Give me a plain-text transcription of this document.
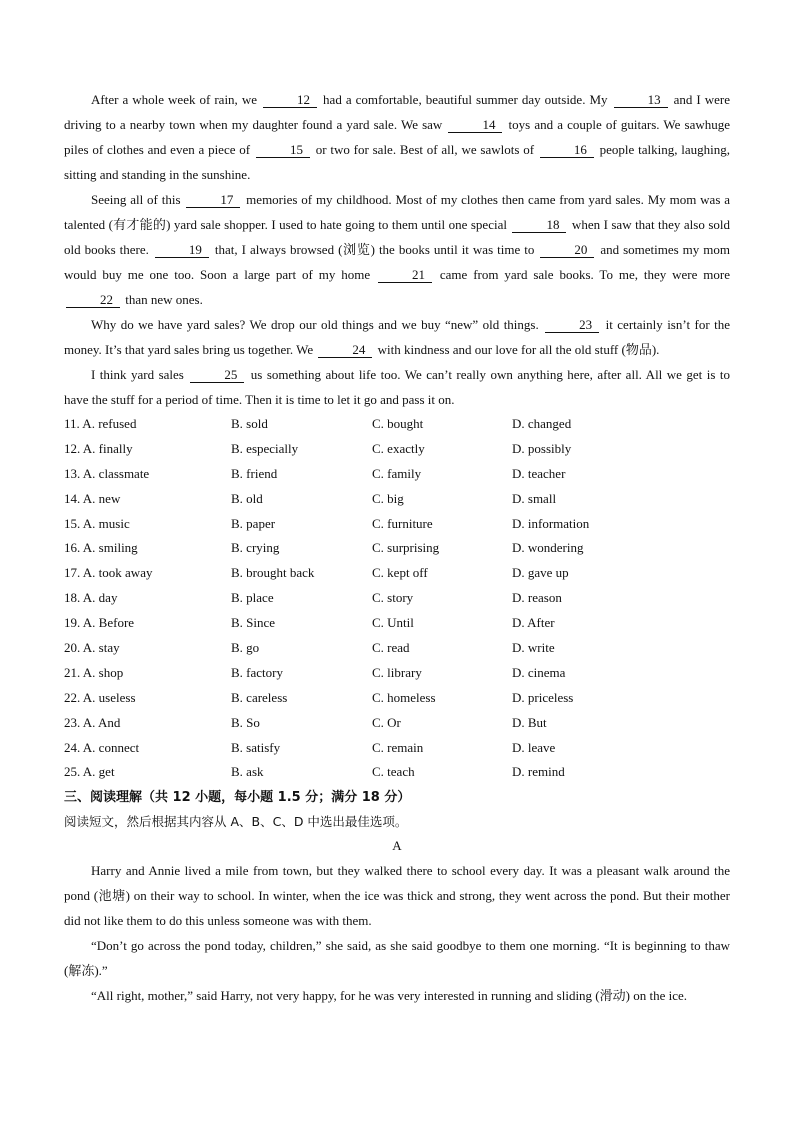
After a whole week of rain, we	12 had a comfortable, beautiful summer day outside. My	13 and I were driving to a nearby town when my daughter found a yard sale. We saw	14 toys and a couple of guitars. We sawhuge piles of clothes and even a piece of	15 or two for sale. Best of all, we sawlots of	16 people talking, laughing, sitting and standing in the sunshine.

Seeing all of this	17 memories of my childhood. Most of my clothes then came from yard sales. My mom was a talented (有才能的) yard sale shopper. I used to hate going to them until one special	18 when I saw that they also sold old books there.	19 that, I always browsed (浏览) the books until it was time to	20 and sometimes my mom would buy me one too. Soon a large part of my home	21 came from yard sale books. To me, they were more 22 than new ones.

Why do we have yard sales? We drop our old things and we buy “new” old things.	23 it certainly isn’t for the money. It’s that yard sales bring us together. We	24 with kindness and our love for all the old stuff (物品).

I think yard sales	25 us something about life too. We can’t really own anything here, after all. All we get is to have the stuff for a period of time. Then it is time to let it go and pass it on.

11. A. refused	B. sold	C. bought	D. changed
12. A. finally	B. especially	C. exactly	D. possibly
13. A. classmate	B. friend	C. family	D. teacher
14. A. new	B. old	C. big	D. small
15. A. music	B. paper	C. furniture	D. information
16. A. smiling	B. crying	C. surprising	D. wondering
17. A. took away	B. brought back	C. kept off	D. gave up
18. A. day	B. place	C. story	D. reason
19. A. Before	B. Since	C. Until	D. After
20. A. stay	B. go	C. read	D. write
21. A. shop	B. factory	C. library	D. cinema
22. A. useless	B. careless	C. homeless	D. priceless
23. A. And	B. So	C. Or	D. But
24. A. connect	B. satisfy	C. remain	D. leave
25. A. get	B. ask	C. teach	D. remind

三、阅读理解（共 12 小题，每小题 1.5 分；满分 18 分）

阅读短文，然后根据其内容从 A、B、C、D 中选出最佳选项。

A

Harry and Annie lived a mile from town, but they walked there to school every day. It was a pleasant walk around the pond (池塘) on their way to school. In winter, when the ice was thick and strong, they went across the pond. But their mother did not like them to do this unless someone was with them.

“Don’t go across the pond today, children,” she said, as she said goodbye to them one morning. “It is beginning to thaw (解冻).”

“All right, mother,” said Harry, not very happy, for he was very interested in running and sliding (滑动) on the ice.
